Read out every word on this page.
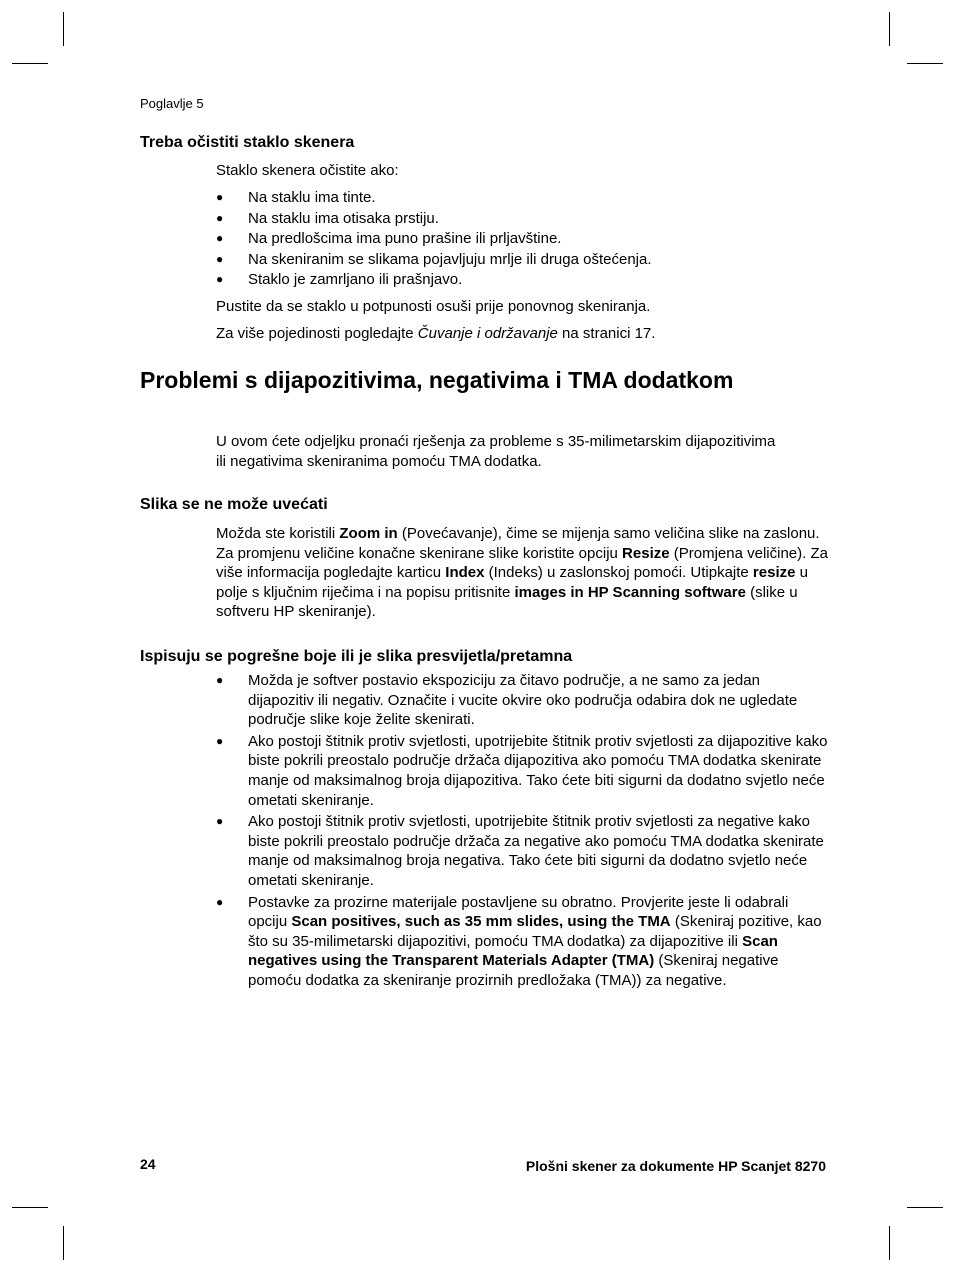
Poglavlje 5
Treba očistiti staklo skenera
Staklo skenera očistite ako:
● Na staklu ima tinte.
● Na staklu ima otisaka prstiju.
● Na predlošcima ima puno prašine ili prljavštine.
● Na skeniranim se slikama pojavljuju mrlje ili druga oštećenja.
● Staklo je zamrljano ili prašnjavo.
Pustite da se staklo u potpunosti osuši prije ponovnog skeniranja.
Za više pojedinosti pogledajte Čuvanje i održavanje na stranici 17.
Problemi s dijapozitivima, negativima i TMA dodatkom
U ovom ćete odjeljku pronaći rješenja za probleme s 35-milimetarskim dijapozitivima
ili negativima skeniranima pomoću TMA dodatka.
Slika se ne može uvećati
Možda ste koristili Zoom in (Povećavanje), čime se mijenja samo veličina slike na zaslonu. Za promjenu veličine konačne skenirane slike koristite opciju Resize (Promjena veličine). Za više informacija pogledajte karticu Index (Indeks) u zaslonskoj pomoći. Utipkajte resize u polje s ključnim riječima i na popisu pritisnite images in HP Scanning software (slike u softveru HP skeniranje).
Ispisuju se pogrešne boje ili je slika presvijetla/pretamna
● Možda je softver postavio ekspoziciju za čitavo područje, a ne samo za jedan dijapozitiv ili negativ. Označite i vucite okvire oko područja odabira dok ne ugledate područje slike koje želite skenirati.
● Ako postoji štitnik protiv svjetlosti, upotrijebite štitnik protiv svjetlosti za dijapozitive kako biste pokrili preostalo područje držača dijapozitiva ako pomoću TMA dodatka skenirate manje od maksimalnog broja dijapozitiva. Tako ćete biti sigurni da dodatno svjetlo neće ometati skeniranje.
● Ako postoji štitnik protiv svjetlosti, upotrijebite štitnik protiv svjetlosti za negative kako biste pokrili preostalo područje držača za negative ako pomoću TMA dodatka skenirate manje od maksimalnog broja negativa. Tako ćete biti sigurni da dodatno svjetlo neće ometati skeniranje.
● Postavke za prozirne materijale postavljene su obratno. Provjerite jeste li odabrali opciju Scan positives, such as 35 mm slides, using the TMA (Skeniraj pozitive, kao što su 35-milimetarski dijapozitivi, pomoću TMA dodatka) za dijapozitive ili Scan negatives using the Transparent Materials Adapter (TMA) (Skeniraj negative pomoću dodatka za skeniranje prozirnih predložaka (TMA)) za negative.
24	Plošni skener za dokumente HP Scanjet 8270
